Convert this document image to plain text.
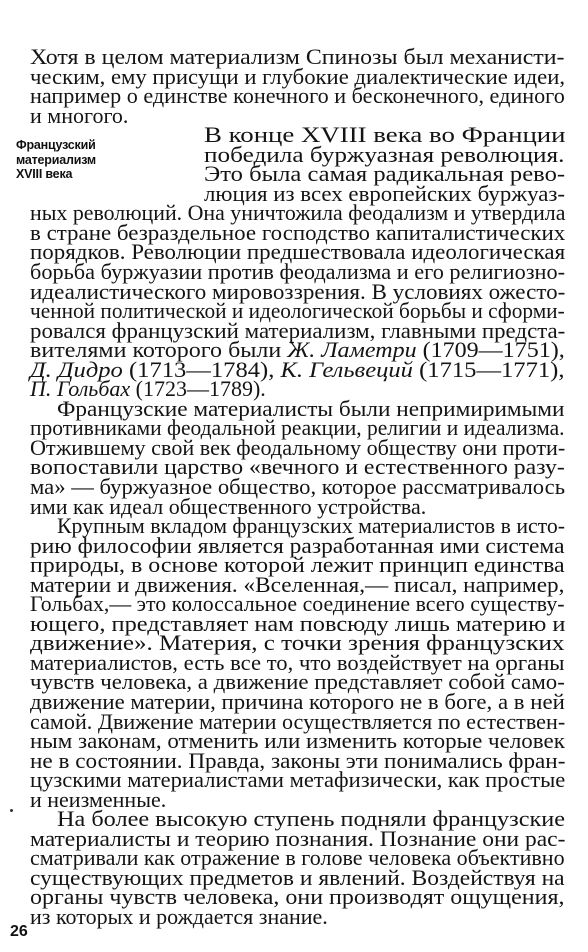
Французский
материализм
XVIII века
Хотя в целом материализм Спинозы был механисти-
ческим, ему присущи и глубокие диалектические идеи,
например о единстве конечного и бесконечного, единого
и многого.
В конце XVIII века во Франции
победила буржуазная революция.
Это была самая радикальная рево-
люция из всех европейских буржуаз-
ных революций. Она уничтожила феодализм и утвердила
в стране безраздельное господство капиталистических
порядков. Революции предшествовала идеологическая
борьба буржуазии против феодализма и его религиозно-
идеалистического мировоззрения. В условиях ожесто-
ченной политической и идеологической борьбы и сформи-
ровался французский материализм, главными предста-
вителями которого были Ж. Ламетри (1709—1751),
Д. Дидро (1713—1784), К. Гельвеций (1715—1771),
П. Гольбах (1723—1789).
Французские материалисты были непримиримыми
противниками феодальной реакции, религии и идеализма.
Отжившему свой век феодальному обществу они проти-
вопоставили царство «вечного и естественного разу-
ма» — буржуазное общество, которое рассматривалось
ими как идеал общественного устройства.
Крупным вкладом французских материалистов в исто-
рию философии является разработанная ими система
природы, в основе которой лежит принцип единства
материи и движения. «Вселенная,— писал, например,
Гольбах,— это колоссальное соединение всего существу-
ющего, представляет нам повсюду лишь материю и
движение». Материя, с точки зрения французских
материалистов, есть все то, что воздействует на органы
чувств человека, а движение представляет собой само-
движение материи, причина которого не в боге, а в ней
самой. Движение материи осуществляется по естествен-
ным законам, отменить или изменить которые человек
не в состоянии. Правда, законы эти понимались фран-
цузскими материалистами метафизически, как простые
и неизменные.
На более высокую ступень подняли французские
материалисты и теорию познания. Познание они рас-
сматривали как отражение в голове человека объективно
существующих предметов и явлений. Воздействуя на
органы чувств человека, они производят ощущения,
из которых и рождается знание.
26
